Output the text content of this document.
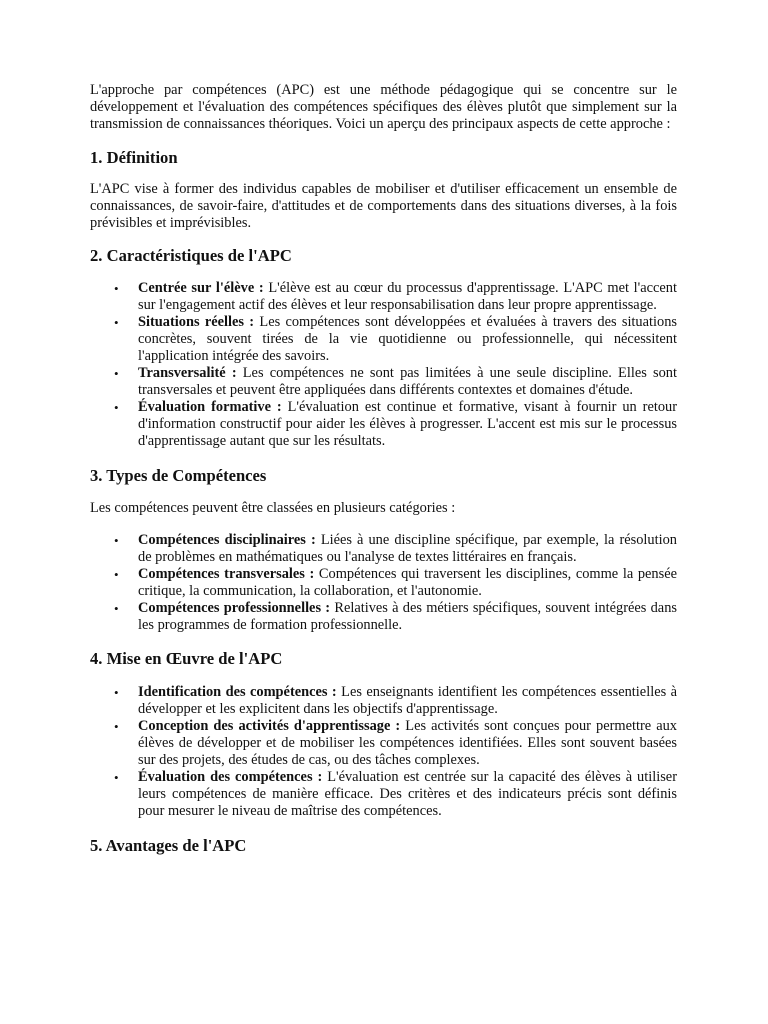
L'approche par compétences (APC) est une méthode pédagogique qui se concentre sur le développement et l'évaluation des compétences spécifiques des élèves plutôt que simplement sur la transmission de connaissances théoriques. Voici un aperçu des principaux aspects de cette approche :

1. Définition

L'APC vise à former des individus capables de mobiliser et d'utiliser efficacement un ensemble de connaissances, de savoir-faire, d'attitudes et de comportements dans des situations diverses, à la fois prévisibles et imprévisibles.

2. Caractéristiques de l'APC
• Centrée sur l'élève : L'élève est au cœur du processus d'apprentissage. L'APC met l'accent sur l'engagement actif des élèves et leur responsabilisation dans leur propre apprentissage.
• Situations réelles : Les compétences sont développées et évaluées à travers des situations concrètes, souvent tirées de la vie quotidienne ou professionnelle, qui nécessitent l'application intégrée des savoirs.
• Transversalité : Les compétences ne sont pas limitées à une seule discipline. Elles sont transversales et peuvent être appliquées dans différents contextes et domaines d'étude.
• Évaluation formative : L'évaluation est continue et formative, visant à fournir un retour d'information constructif pour aider les élèves à progresser. L'accent est mis sur le processus d'apprentissage autant que sur les résultats.
3. Types de Compétences

Les compétences peuvent être classées en plusieurs catégories :

• Compétences disciplinaires : Liées à une discipline spécifique, par exemple, la résolution de problèmes en mathématiques ou l'analyse de textes littéraires en français.
• Compétences transversales : Compétences qui traversent les disciplines, comme la pensée critique, la communication, la collaboration, et l'autonomie.
• Compétences professionnelles : Relatives à des métiers spécifiques, souvent intégrées dans les programmes de formation professionnelle.
4. Mise en Œuvre de l'APC
• Identification des compétences : Les enseignants identifient les compétences essentielles à développer et les explicitent dans les objectifs d'apprentissage.
• Conception des activités d'apprentissage : Les activités sont conçues pour permettre aux élèves de développer et de mobiliser les compétences identifiées. Elles sont souvent basées sur des projets, des études de cas, ou des tâches complexes.
• Évaluation des compétences : L'évaluation est centrée sur la capacité des élèves à utiliser leurs compétences de manière efficace. Des critères et des indicateurs précis sont définis pour mesurer le niveau de maîtrise des compétences.
5. Avantages de l'APC
